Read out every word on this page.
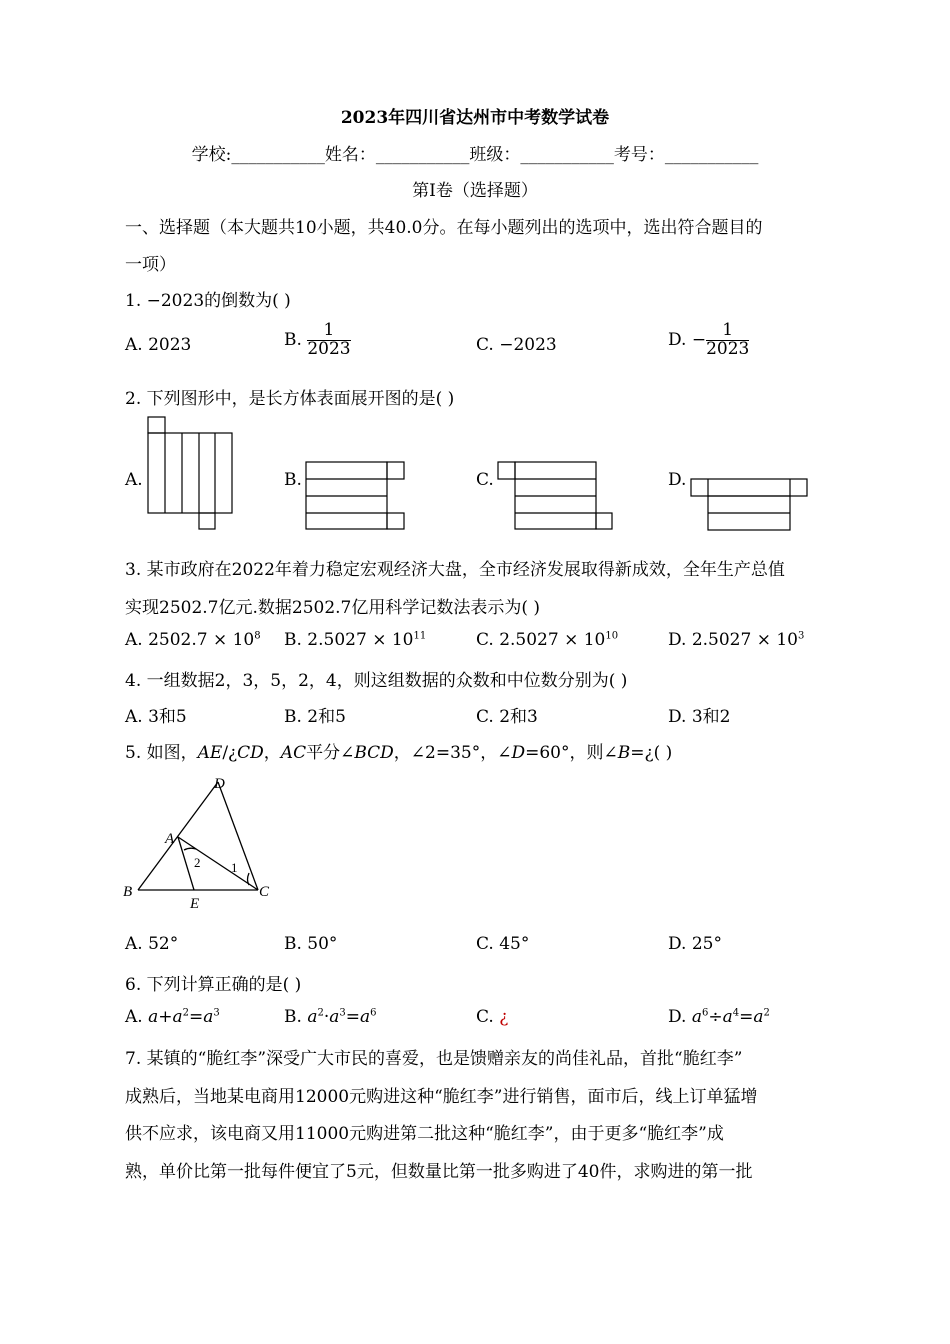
2023年四川省达州市中考数学试卷
学校:___________姓名：___________班级：___________考号：___________
第Ⅰ卷（选择题）
一、选择题（本大题共10小题，共40.0分。在每小题列出的选项中，选出符合题目的
一项）
1. −2023的倒数为( )
A. 2023	B. $\frac{1}{2023}$	C. −2023	D. − $\frac{1}{2023}$
2. 下列图形中，是长方体表面展开图的是( )
A.	B.	C.	D.
3. 某市政府在2022年着力稳定宏观经济大盘，全市经济发展取得新成效，全年生产总值
实现2502.7亿元.数据2502.7亿用科学记数法表示为( )
A. $2502.7 \times 10^8$ B. $2.5027 \times 10^{11}$	C. $2.5027 \times 10^{10}$	D. $2.5027 \times 10^3$
4. 一组数据2，3，5，2，4，则这组数据的众数和中位数分别为( )
A. 3和5	B. 2和5	C. 2和3	D. 3和2
5. 如图，AE/¿CD，AC平分∠BCD，∠2=35°，∠D=60°，则∠B=¿( )
D
A
B
E
C
2 1
A. 52°	B. 50°	C. 45°	D. 25°
6. 下列计算正确的是( )
A. $a+a^2=a^3$	B. $a^2\cdot a^3=a^6$	C. ¿	D. $a^6\div a^4=a^2$
7. 某镇的“脆红李”深受广大市民的喜爱，也是馈赠亲友的尚佳礼品，首批“脆红李”
成熟后，当地某电商用12000元购进这种“脆红李”进行销售，面市后，线上订单猛增
供不应求，该电商又用11000元购进第二批这种“脆红李”，由于更多“脆红李”成
熟，单价比第一批每件便宜了5元，但数量比第一批多购进了40件，求购进的第一批
